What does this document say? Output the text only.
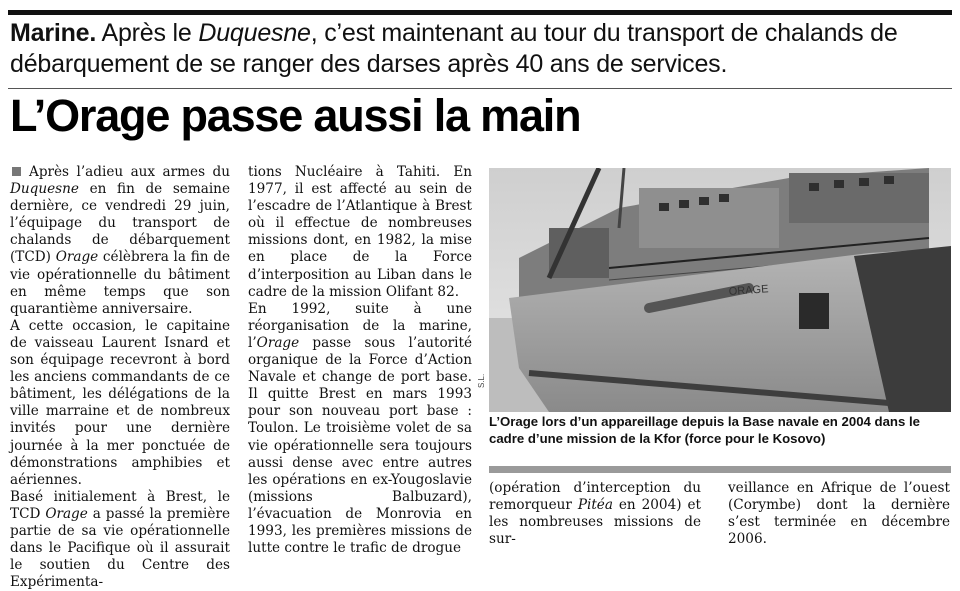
Marine. Après le Duquesne, c’est maintenant au tour du transport de chalands de débarquement de se ranger des darses après 40 ans de services.
L’Orage passe aussi la main

Après l’adieu aux armes du Duquesne en fin de semaine dernière, ce vendredi 29 juin, l’équipage du transport de chalands de débarquement (TCD) Orage célèbrera la fin de vie opérationnelle du bâtiment en même temps que son quarantième anniversaire.

A cette occasion, le capitaine de vaisseau Laurent Isnard et son équipage recevront à bord les anciens commandants de ce bâtiment, les délégations de la ville marraine et de nombreux invités pour une dernière journée à la mer ponctuée de démonstrations amphibies et aériennes.

Basé initialement à Brest, le TCD Orage a passé la première partie de sa vie opérationnelle dans le Pacifique où il assurait le soutien du Centre des Expérimenta-

tions Nucléaire à Tahiti. En 1977, il est affecté au sein de l’escadre de l’Atlantique à Brest où il effectue de nombreuses missions dont, en 1982, la mise en place de la Force d’interposition au Liban dans le cadre de la mission Olifant 82.

En 1992, suite à une réorganisation de la marine, l’Orage passe sous l’autorité organique de la Force d’Action Navale et change de port base. Il quitte Brest en mars 1993 pour son nouveau port base : Toulon. Le troisième volet de sa vie opérationnelle sera toujours aussi dense avec entre autres les opérations en ex-Yougoslavie (missions Balbuzard), l’évacuation de Monrovia en 1993, les premières missions de lutte contre le trafic de drogue

ORAGE
S.L.
L’Orage lors d’un appareillage depuis la Base navale en 2004 dans le cadre d’une mission de la Kfor (force pour le Kosovo)

(opération d’interception du remorqueur Pitéa en 2004) et les nombreuses missions de sur-

veillance en Afrique de l’ouest (Corymbe) dont la dernière s’est terminée en décembre 2006.
